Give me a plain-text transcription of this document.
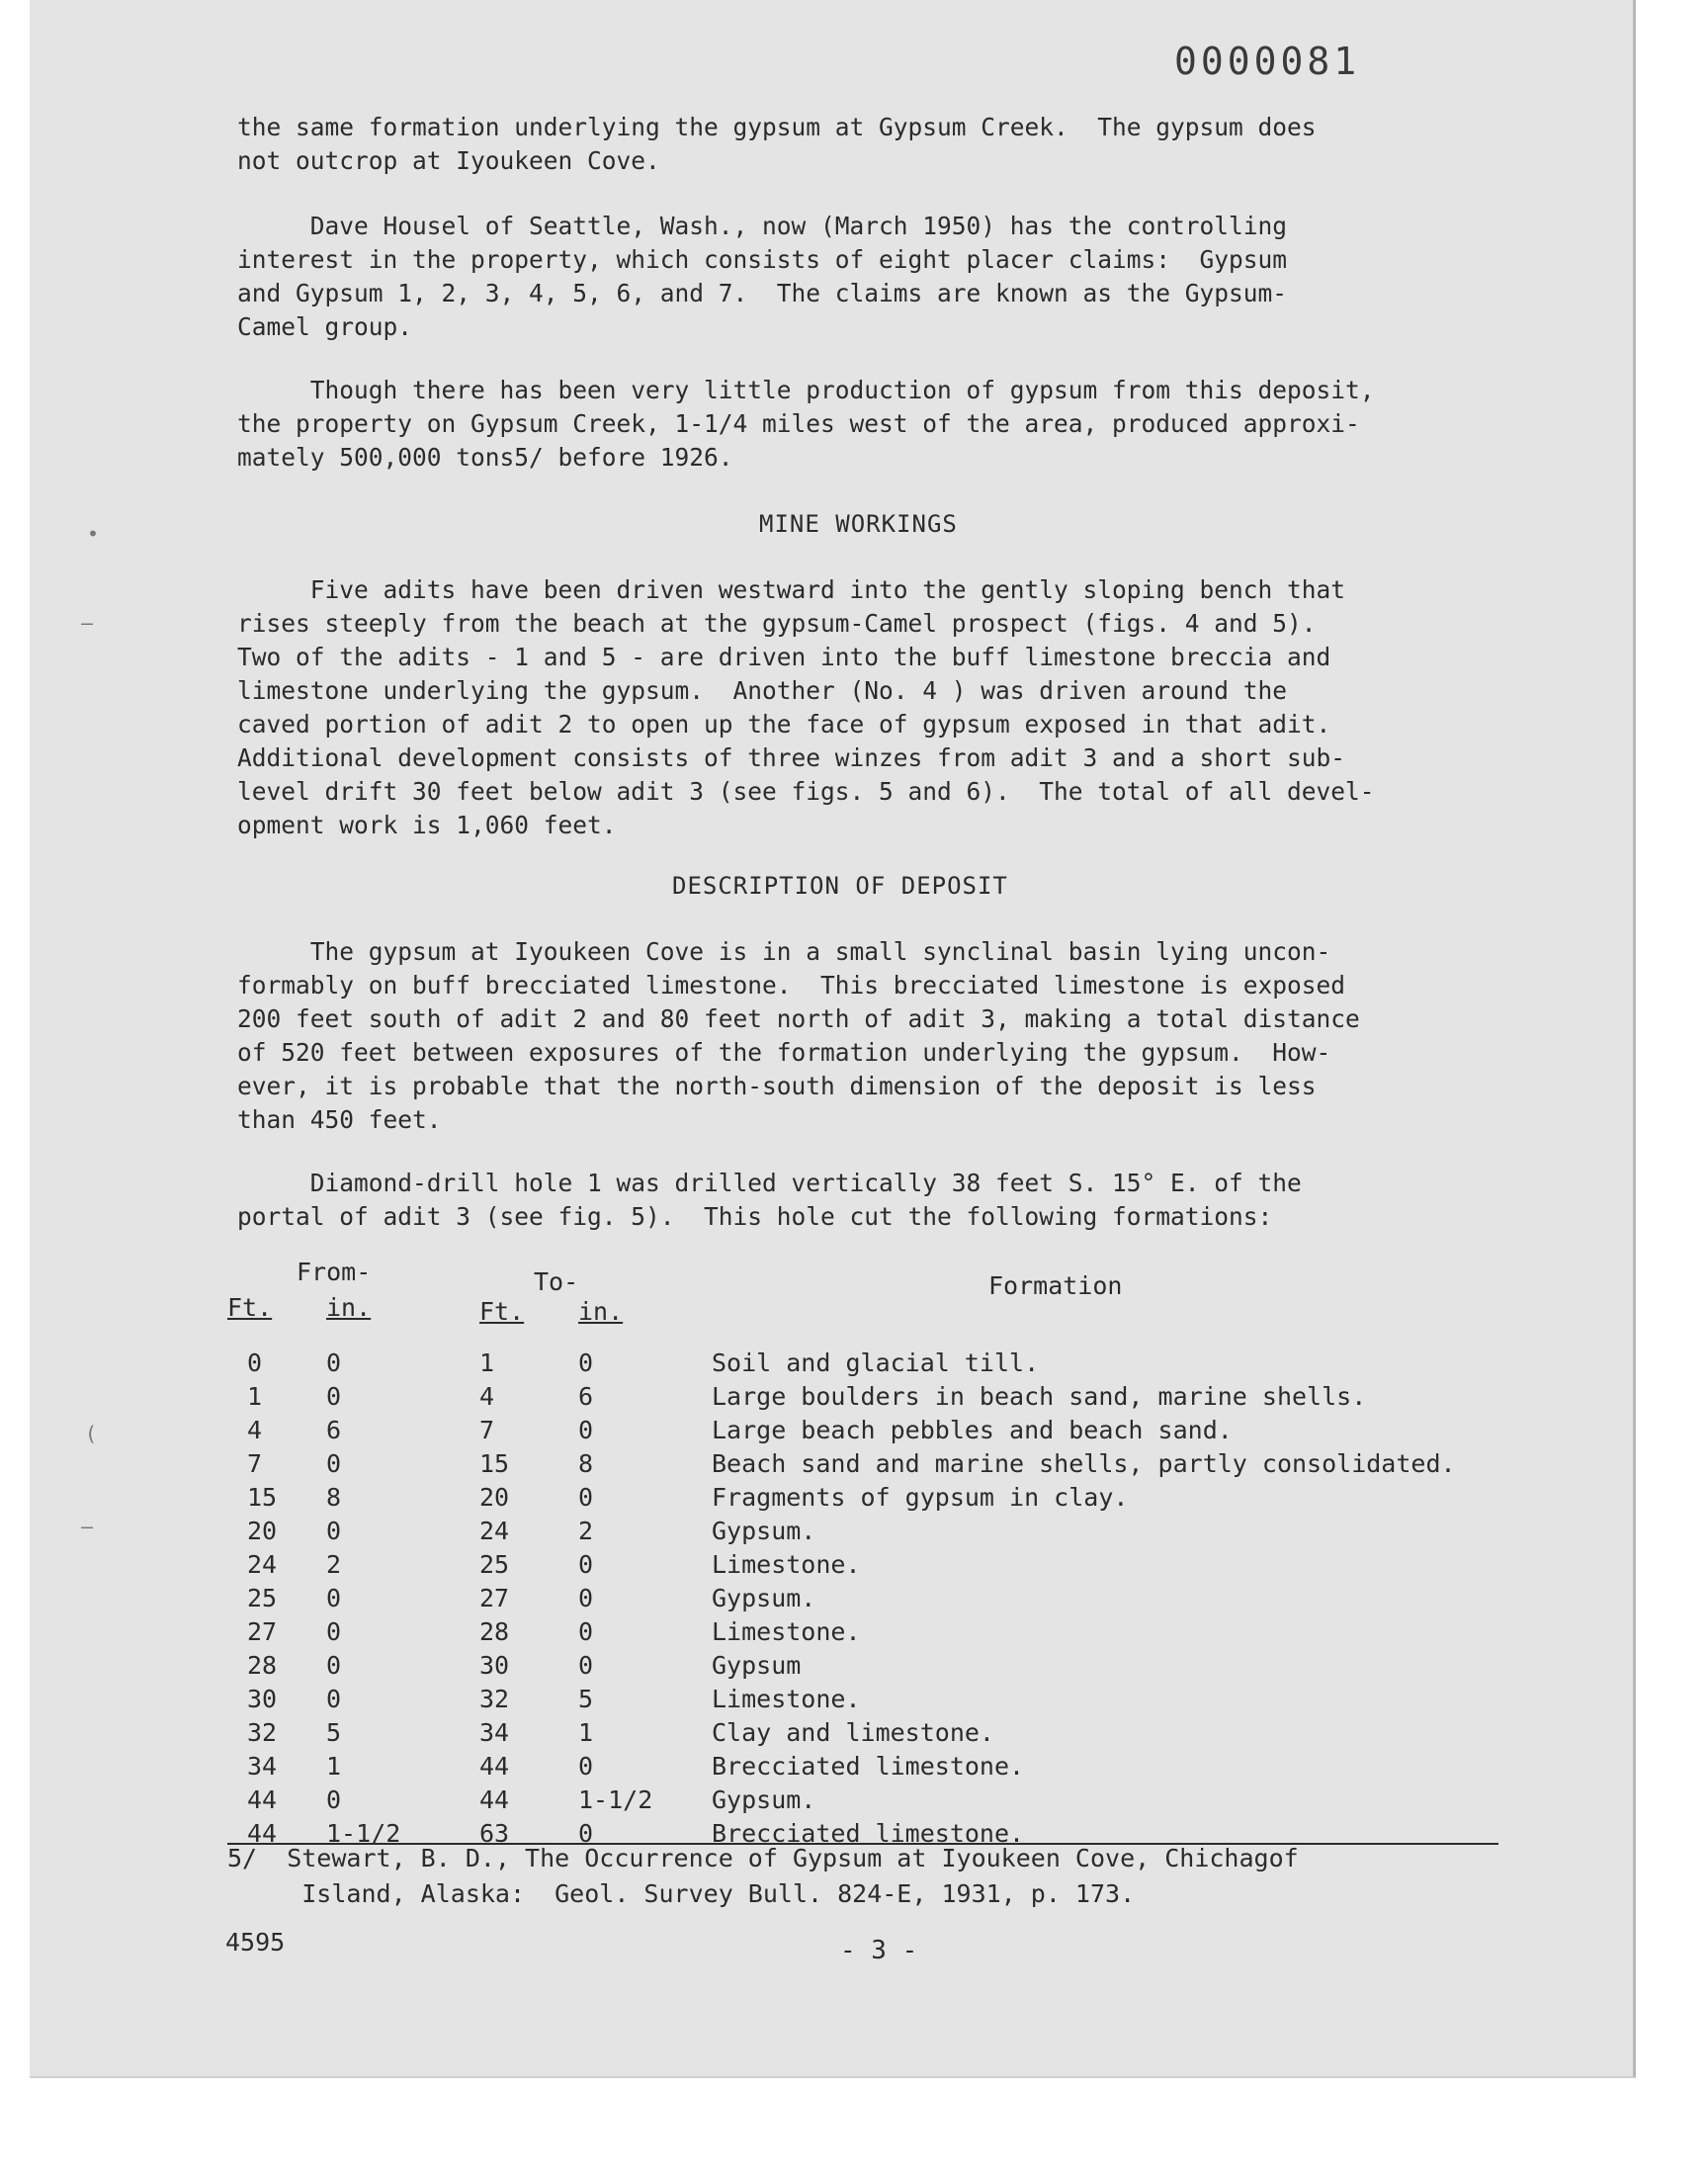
0000081
the same formation underlying the gypsum at Gypsum Creek.  The gypsum does
not outcrop at Iyoukeen Cove.
Dave Housel of Seattle, Wash., now (March 1950) has the controlling
interest in the property, which consists of eight placer claims:  Gypsum
and Gypsum 1, 2, 3, 4, 5, 6, and 7.  The claims are known as the Gypsum-
Camel group.
Though there has been very little production of gypsum from this deposit,
the property on Gypsum Creek, 1-1/4 miles west of the area, produced approxi-
mately 500,000 tons5/ before 1926.
MINE WORKINGS
Five adits have been driven westward into the gently sloping bench that
rises steeply from the beach at the gypsum-Camel prospect (figs. 4 and 5).
Two of the adits - 1 and 5 - are driven into the buff limestone breccia and
limestone underlying the gypsum.  Another (No. 4 ) was driven around the
caved portion of adit 2 to open up the face of gypsum exposed in that adit.
Additional development consists of three winzes from adit 3 and a short sub-
level drift 30 feet below adit 3 (see figs. 5 and 6).  The total of all devel-
opment work is 1,060 feet.
DESCRIPTION OF DEPOSIT
The gypsum at Iyoukeen Cove is in a small synclinal basin lying uncon-
formably on buff brecciated limestone.  This brecciated limestone is exposed
200 feet south of adit 2 and 80 feet north of adit 3, making a total distance
of 520 feet between exposures of the formation underlying the gypsum.  How-
ever, it is probable that the north-south dimension of the deposit is less
than 450 feet.
Diamond-drill hole 1 was drilled vertically 38 feet S. 15° E. of the
portal of adit 3 (see fig. 5).  This hole cut the following formations:
From-	To-	Formation
Ft. in.	Ft. in.
0	0	1	0	Soil and glacial till.
1	0	4	6	Large boulders in beach sand, marine shells.
4	6	7	0	Large beach pebbles and beach sand.
7	0	15	8	Beach sand and marine shells, partly consolidated.
15 8	20	0	Fragments of gypsum in clay.
20 0	24	2	Gypsum.
24 2	25	0	Limestone.
25 0	27	0	Gypsum.
27 0	28	0	Limestone.
28 0	30	0	Gypsum
30 0	32	5	Limestone.
32 5	34	1	Clay and limestone.
34 1	44	0	Brecciated limestone.
44 0	44	1-1/2 Gypsum.
44 1-1/2	63	0	Brecciated limestone.
5/  Stewart, B. D., The Occurrence of Gypsum at Iyoukeen Cove, Chichagof
Island, Alaska:  Geol. Survey Bull. 824-E, 1931, p. 173.
4595	- 3 -
•
–
(
–
